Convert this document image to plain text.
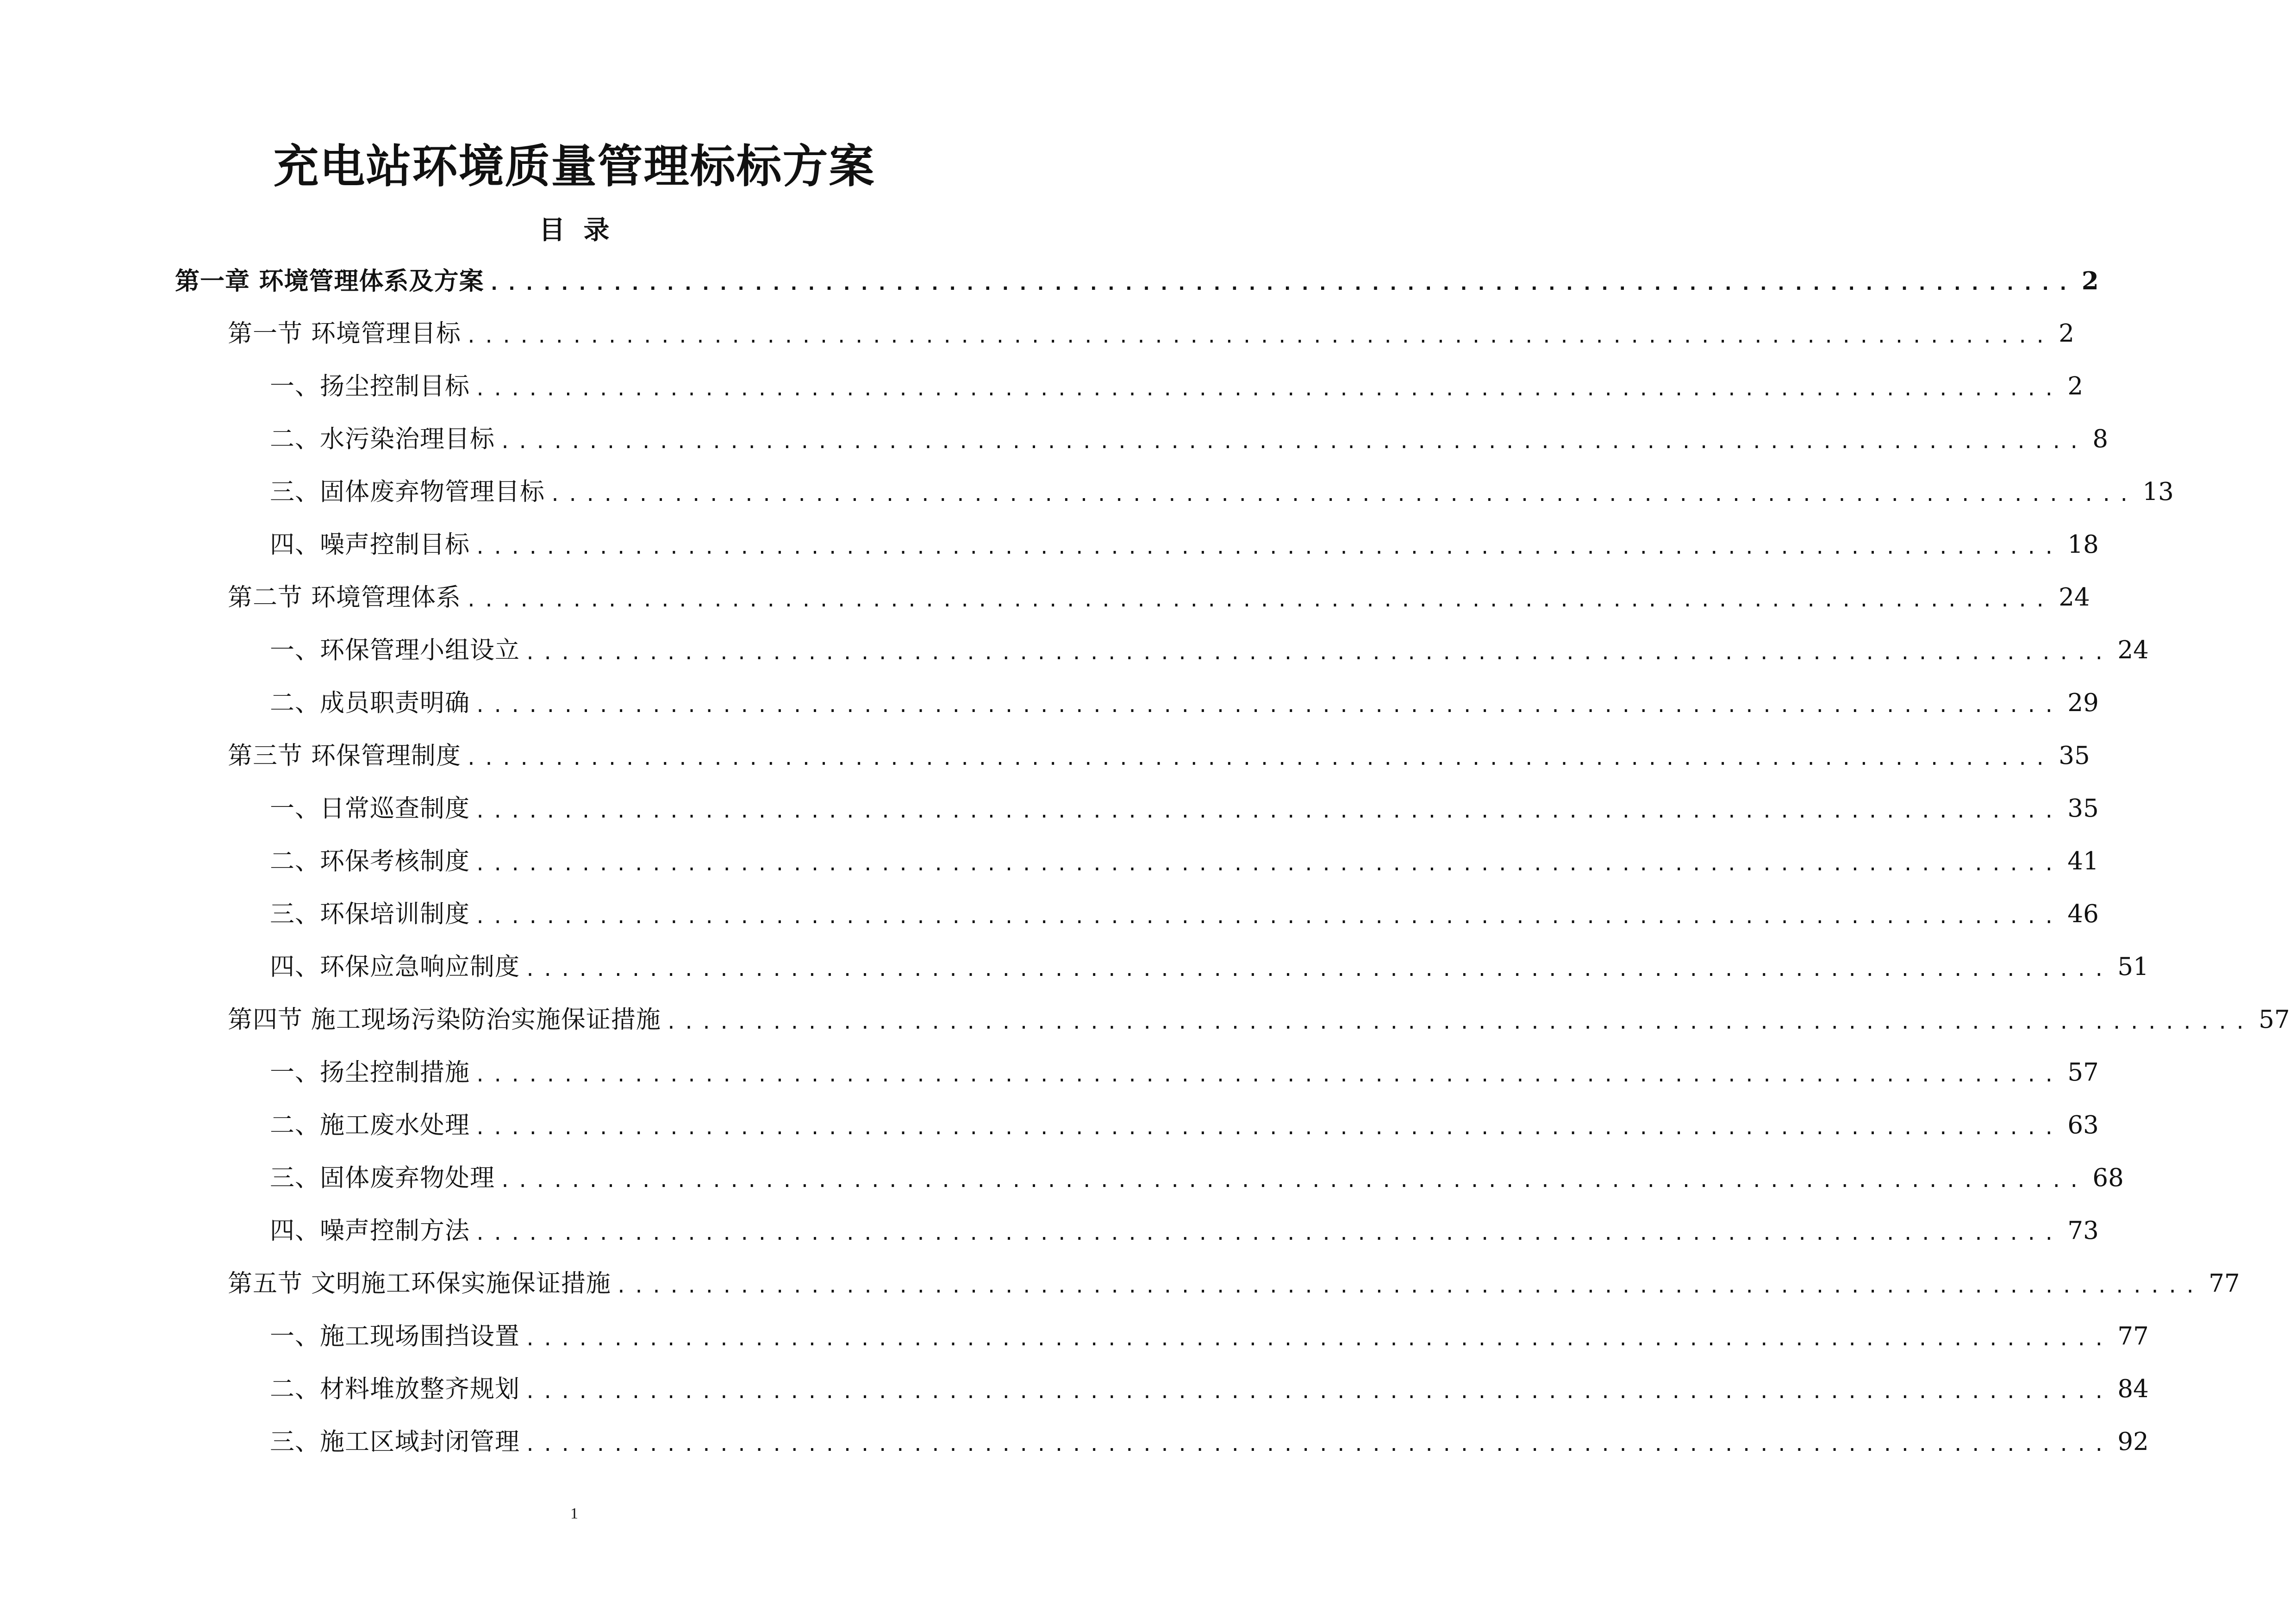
充电站环境质量管理标标方案
目录
第一章 环境管理体系及方案 .......................................................................................... 2
第一节 环境管理目标 .......................................................................................... 2
一、扬尘控制目标 .......................................................................................... 2
二、水污染治理目标 .......................................................................................... 8
三、固体废弃物管理目标 .......................................................................................... 13
四、噪声控制目标 .......................................................................................... 18
第二节 环境管理体系 .......................................................................................... 24
一、环保管理小组设立 .......................................................................................... 24
二、成员职责明确 .......................................................................................... 29
第三节 环保管理制度 .......................................................................................... 35
一、日常巡查制度 .......................................................................................... 35
二、环保考核制度 .......................................................................................... 41
三、环保培训制度 .......................................................................................... 46
四、环保应急响应制度 .......................................................................................... 51
第四节 施工现场污染防治实施保证措施 .......................................................................................... 57
一、扬尘控制措施 .......................................................................................... 57
二、施工废水处理 .......................................................................................... 63
三、固体废弃物处理 .......................................................................................... 68
四、噪声控制方法 .......................................................................................... 73
第五节 文明施工环保实施保证措施 .......................................................................................... 77
一、施工现场围挡设置 .......................................................................................... 77
二、材料堆放整齐规划 .......................................................................................... 84
三、施工区域封闭管理 .......................................................................................... 92
1
